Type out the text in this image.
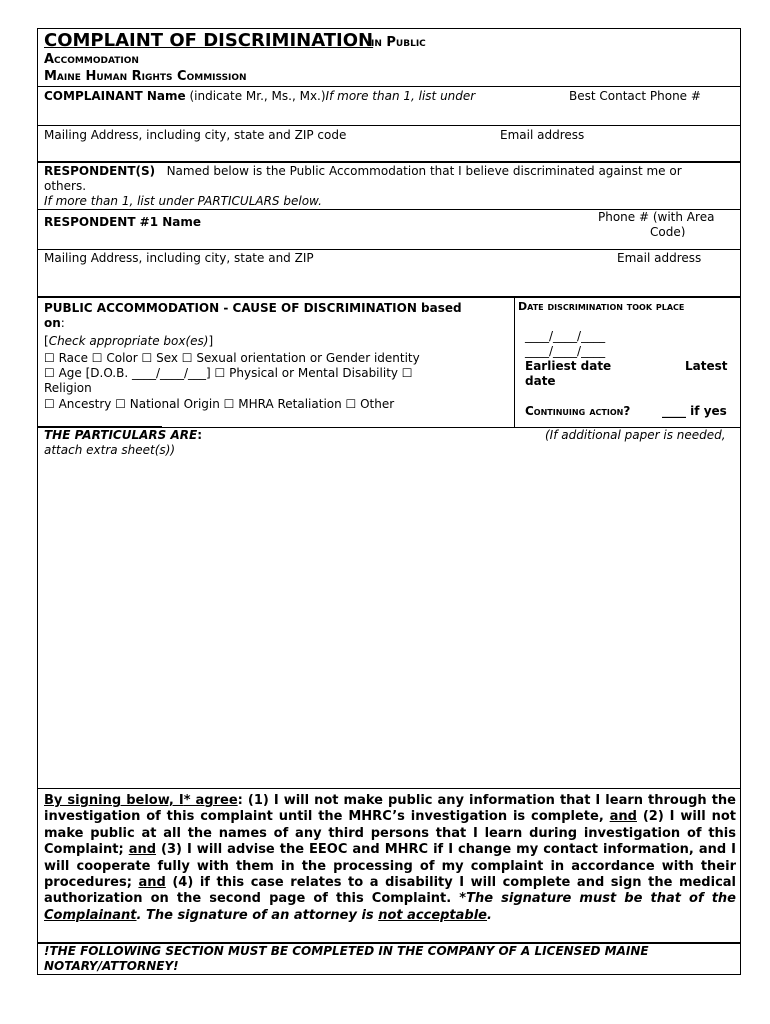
COMPLAINT OF DISCRIMINATION
in Public
Accommodation
Maine Human Rights Commission
COMPLAINANT Name (indicate Mr., Ms., Mx.)If more than 1, list under	Best Contact Phone #
Mailing Address, including city, state and ZIP code	Email address
RESPONDENT(S) Named below is the Public Accommodation that I believe discriminated against me or
others.
If more than 1, list under PARTICULARS below.
RESPONDENT #1 Name	Phone # (with Area
Code)
Mailing Address, including city, state and ZIP	Email address
PUBLIC ACCOMMODATION - CAUSE OF DISCRIMINATION based
on:
[Check appropriate box(es)]
☐ Race ☐ Color ☐ Sex ☐ Sexual orientation or Gender identity
☐ Age [D.O.B. ____/____/___] ☐ Physical or Mental Disability ☐
Religion
☐ Ancestry ☐ National Origin ☐ MHRA Retaliation ☐ Other
Date discrimination took place
____/____/____
____/____/____
Earliest date	Latest
date
Continuing action?	____ if yes
THE PARTICULARS ARE:	(If additional paper is needed,
attach extra sheet(s))
By signing below, I* agree: (1) I will not make public any information that I learn through the investigation of this complaint until the MHRC’s investigation is complete, and (2) I will not make public at all the names of any third persons that I learn during investigation of this Complaint; and (3) I will advise the EEOC and MHRC if I change my contact information, and I will cooperate fully with them in the processing of my complaint in accordance with their procedures; and (4) if this case relates to a disability I will complete and sign the medical authorization on the second page of this Complaint. *The signature must be that of the Complainant. The signature of an attorney is not acceptable.
!THE FOLLOWING SECTION MUST BE COMPLETED IN THE COMPANY OF A LICENSED MAINE
NOTARY/ATTORNEY!
